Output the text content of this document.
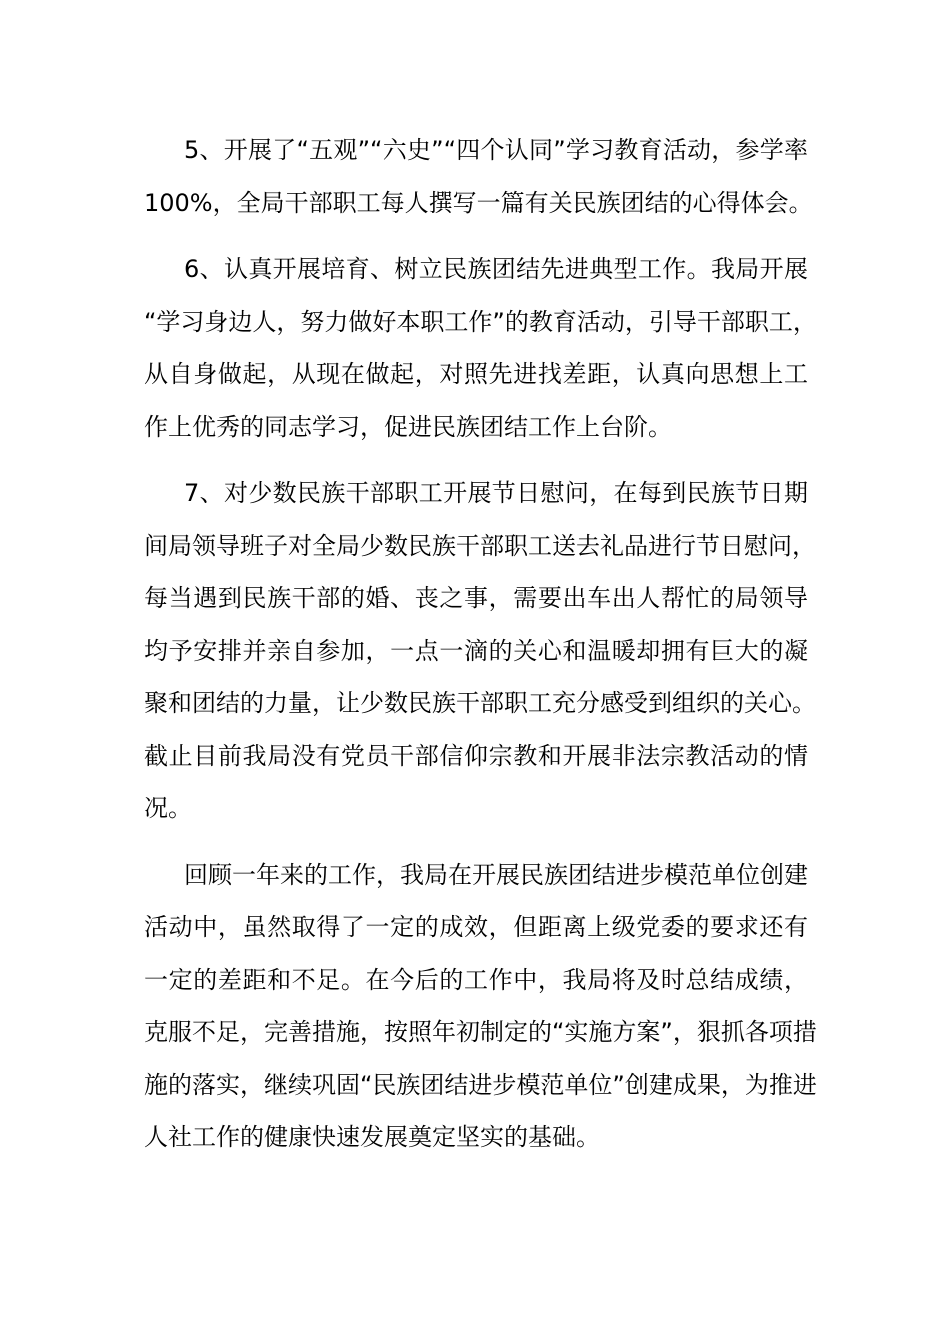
5、开展了“五观”“六史”“四个认同”学习教育活动，参学率
100%，全局干部职工每人撰写一篇有关民族团结的心得体会。
6、认真开展培育、树立民族团结先进典型工作。我局开展
“学习身边人，努力做好本职工作”的教育活动，引导干部职工，
从自身做起，从现在做起，对照先进找差距，认真向思想上工
作上优秀的同志学习，促进民族团结工作上台阶。
7、对少数民族干部职工开展节日慰问，在每到民族节日期
间局领导班子对全局少数民族干部职工送去礼品进行节日慰问，
每当遇到民族干部的婚、丧之事，需要出车出人帮忙的局领导
均予安排并亲自参加，一点一滴的关心和温暖却拥有巨大的凝
聚和团结的力量，让少数民族干部职工充分感受到组织的关心。
截止目前我局没有党员干部信仰宗教和开展非法宗教活动的情
况。
回顾一年来的工作，我局在开展民族团结进步模范单位创建
活动中，虽然取得了一定的成效，但距离上级党委的要求还有
一定的差距和不足。在今后的工作中，我局将及时总结成绩，
克服不足，完善措施，按照年初制定的“实施方案”，狠抓各项措
施的落实，继续巩固“民族团结进步模范单位”创建成果，为推进
人社工作的健康快速发展奠定坚实的基础。
